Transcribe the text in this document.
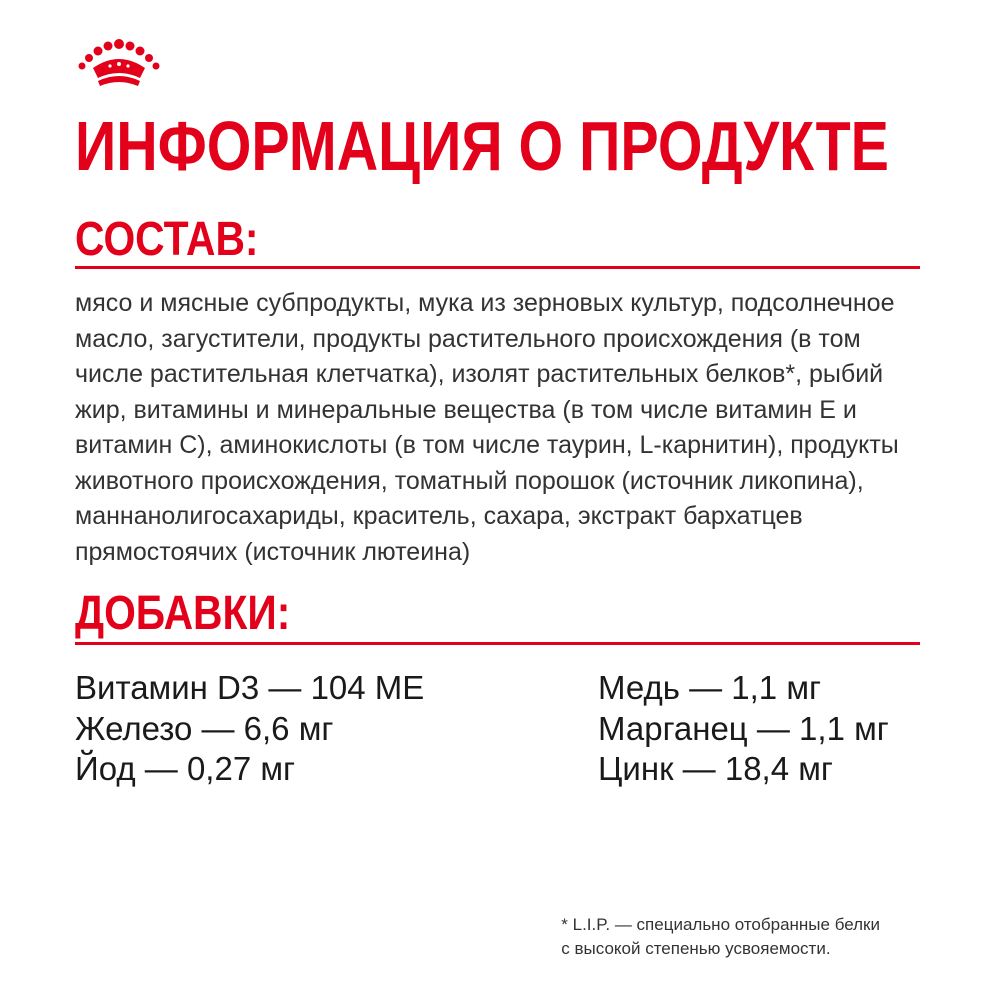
ИНФОРМАЦИЯ О ПРОДУКТЕ
СОСТАВ:

мясо и мясные субпродукты, мука из зерновых культур, подсолнечное масло, загустители, продукты растительного происхождения (в том числе растительная клетчатка), изолят растительных белков*, рыбий жир, витамины и минеральные вещества (в том числе витамин Е и витамин С), аминокислоты (в том числе таурин, L-карнитин), продукты животного происхождения, томатный порошок (источник ликопина), маннанолигосахариды, краситель, сахара, экстракт бархатцев прямостоячих (источник лютеина)

ДОБАВКИ:
Витамин D3 — 104 МЕ
Железо — 6,6 мг
Йод — 0,27 мг
Медь — 1,1 мг
Марганец — 1,1 мг
Цинк — 18,4 мг
* L.I.P. — специально отобранные белки
с высокой степенью усвояемости.
